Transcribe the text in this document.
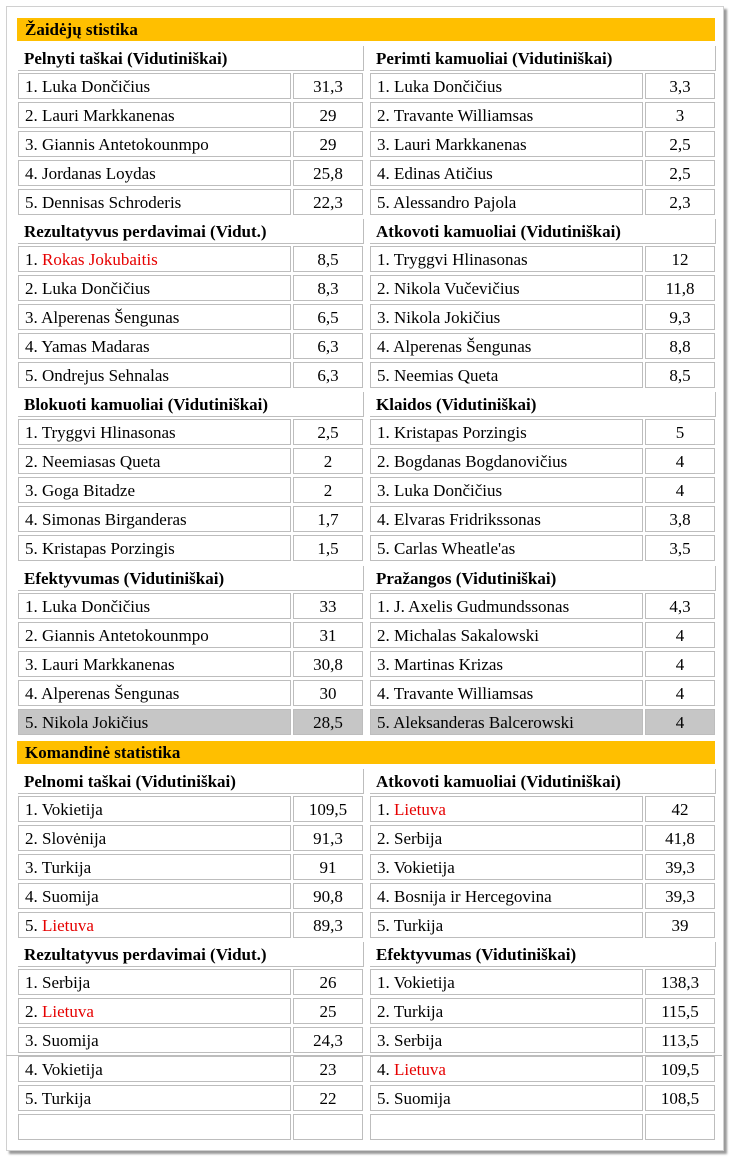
Žaidėjų stistika
Komandinė statistika
Pelnyti taškai (Vidutiniškai)
1. Luka Dončičius	31,3
2. Lauri Markkanenas	29
3. Giannis Antetokounmpo	29
4. Jordanas Loydas	25,8
5. Dennisas Schroderis	22,3
Perimti kamuoliai (Vidutiniškai)
1. Luka Dončičius	3,3
2. Travante Williamsas	3
3. Lauri Markkanenas	2,5
4. Edinas Atičius	2,5
5. Alessandro Pajola	2,3
Rezultatyvus perdavimai (Vidut.)
1. Rokas Jokubaitis	8,5
2. Luka Dončičius	8,3
3. Alperenas Šengunas	6,5
4. Yamas Madaras	6,3
5. Ondrejus Sehnalas	6,3
Atkovoti kamuoliai (Vidutiniškai)
1. Tryggvi Hlinasonas	12
2. Nikola Vučevičius	11,8
3. Nikola Jokičius	9,3
4. Alperenas Šengunas	8,8
5. Neemias Queta	8,5
Blokuoti kamuoliai (Vidutiniškai)
1. Tryggvi Hlinasonas	2,5
2. Neemiasas Queta	2
3. Goga Bitadze	2
4. Simonas Birganderas	1,7
5. Kristapas Porzingis	1,5
Klaidos (Vidutiniškai)
1. Kristapas Porzingis	5
2. Bogdanas Bogdanovičius	4
3. Luka Dončičius	4
4. Elvaras Fridrikssonas	3,8
5. Carlas Wheatle'as	3,5
Efektyvumas (Vidutiniškai)
1. Luka Dončičius	33
2. Giannis Antetokounmpo	31
3. Lauri Markkanenas	30,8
4. Alperenas Šengunas	30
5. Nikola Jokičius	28,5
Pražangos (Vidutiniškai)
1. J. Axelis Gudmundssonas	4,3
2. Michalas Sakalowski	4
3. Martinas Krizas	4
4. Travante Williamsas	4
5. Aleksanderas Balcerowski	4
Pelnomi taškai (Vidutiniškai)
1. Vokietija	109,5
2. Slovėnija	91,3
3. Turkija	91
4. Suomija	90,8
5. Lietuva	89,3
Atkovoti kamuoliai (Vidutiniškai)
1. Lietuva	42
2. Serbija	41,8
3. Vokietija	39,3
4. Bosnija ir Hercegovina	39,3
5. Turkija	39
Rezultatyvus perdavimai (Vidut.)
1. Serbija	26
2. Lietuva	25
3. Suomija	24,3
4. Vokietija	23
5. Turkija	22
Efektyvumas (Vidutiniškai)
1. Vokietija	138,3
2. Turkija	115,5
3. Serbija	113,5
4. Lietuva	109,5
5. Suomija	108,5
